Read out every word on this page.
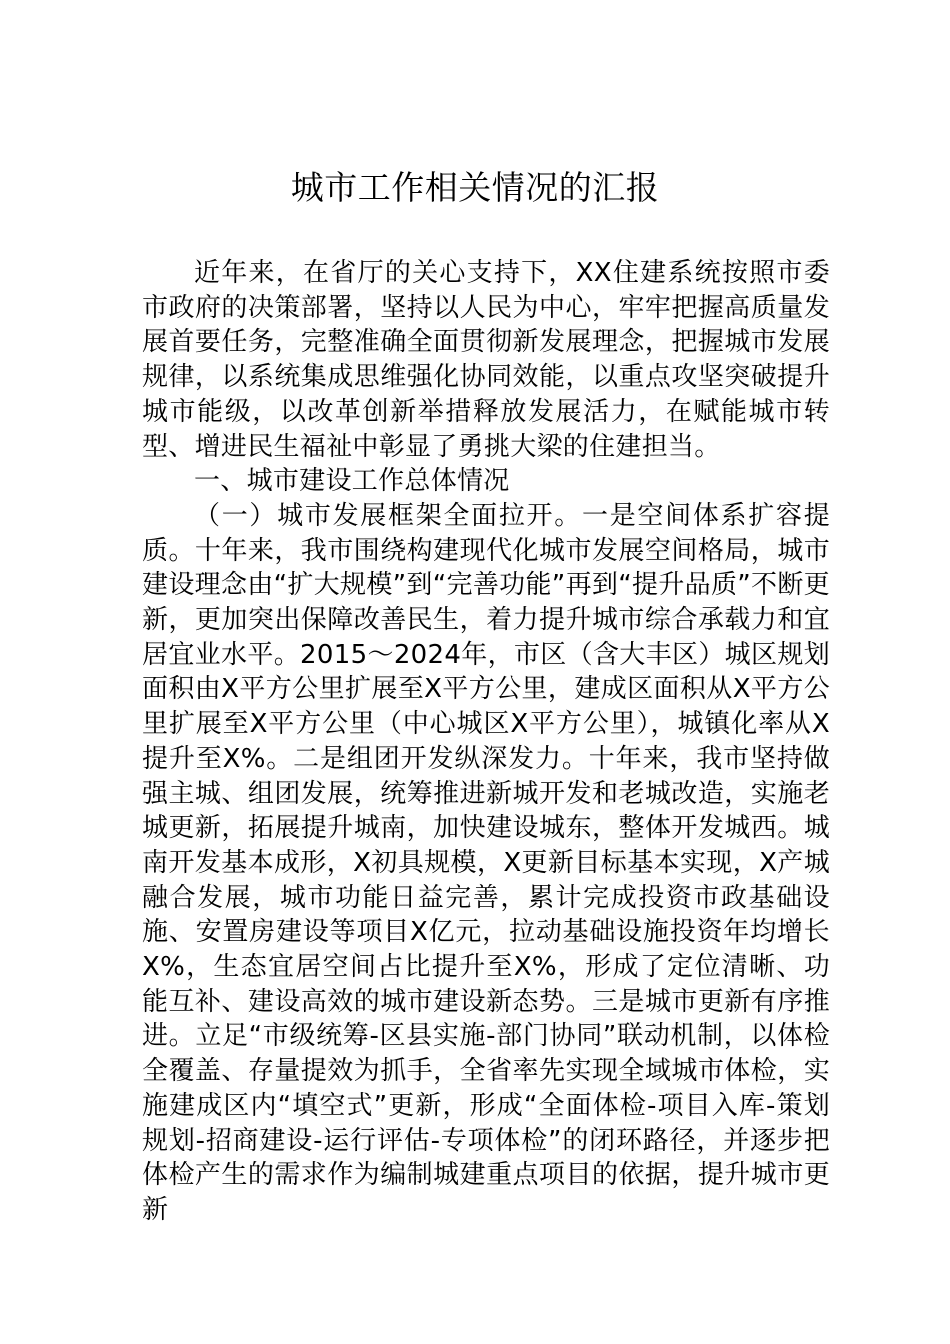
城市工作相关情况的汇报

近年来，在省厅的关心支持下，XX住建系统按照市委市政府的决策部署，坚持以人民为中心，牢牢把握高质量发展首要任务，完整准确全面贯彻新发展理念，把握城市发展规律，以系统集成思维强化协同效能，以重点攻坚突破提升城市能级，以改革创新举措释放发展活力，在赋能城市转型、增进民生福祉中彰显了勇挑大梁的住建担当。

一、城市建设工作总体情况

（一）城市发展框架全面拉开。一是空间体系扩容提质。十年来，我市围绕构建现代化城市发展空间格局，城市建设理念由“扩大规模”到“完善功能”再到“提升品质”不断更新，更加突出保障改善民生，着力提升城市综合承载力和宜居宜业水平。2015～2024年，市区（含大丰区）城区规划面积由X平方公里扩展至X平方公里，建成区面积从X平方公里扩展至X平方公里（中心城区X平方公里），城镇化率从X提升至X%。二是组团开发纵深发力。十年来，我市坚持做强主城、组团发展，统筹推进新城开发和老城改造，实施老城更新，拓展提升城南，加快建设城东，整体开发城西。城南开发基本成形，X初具规模，X更新目标基本实现，X产城融合发展，城市功能日益完善，累计完成投资市政基础设施、安置房建设等项目X亿元，拉动基础设施投资年均增长X%，生态宜居空间占比提升至X%，形成了定位清晰、功能互补、建设高效的城市建设新态势。三是城市更新有序推进。立足“市级统筹-区县实施-部门协同”联动机制，以体检全覆盖、存量提效为抓手，全省率先实现全域城市体检，实施建成区内“填空式”更新，形成“全面体检-项目入库-策划规划-招商建设-运行评估-专项体检”的闭环路径，并逐步把体检产生的需求作为编制城建重点项目的依据，提升城市更新
